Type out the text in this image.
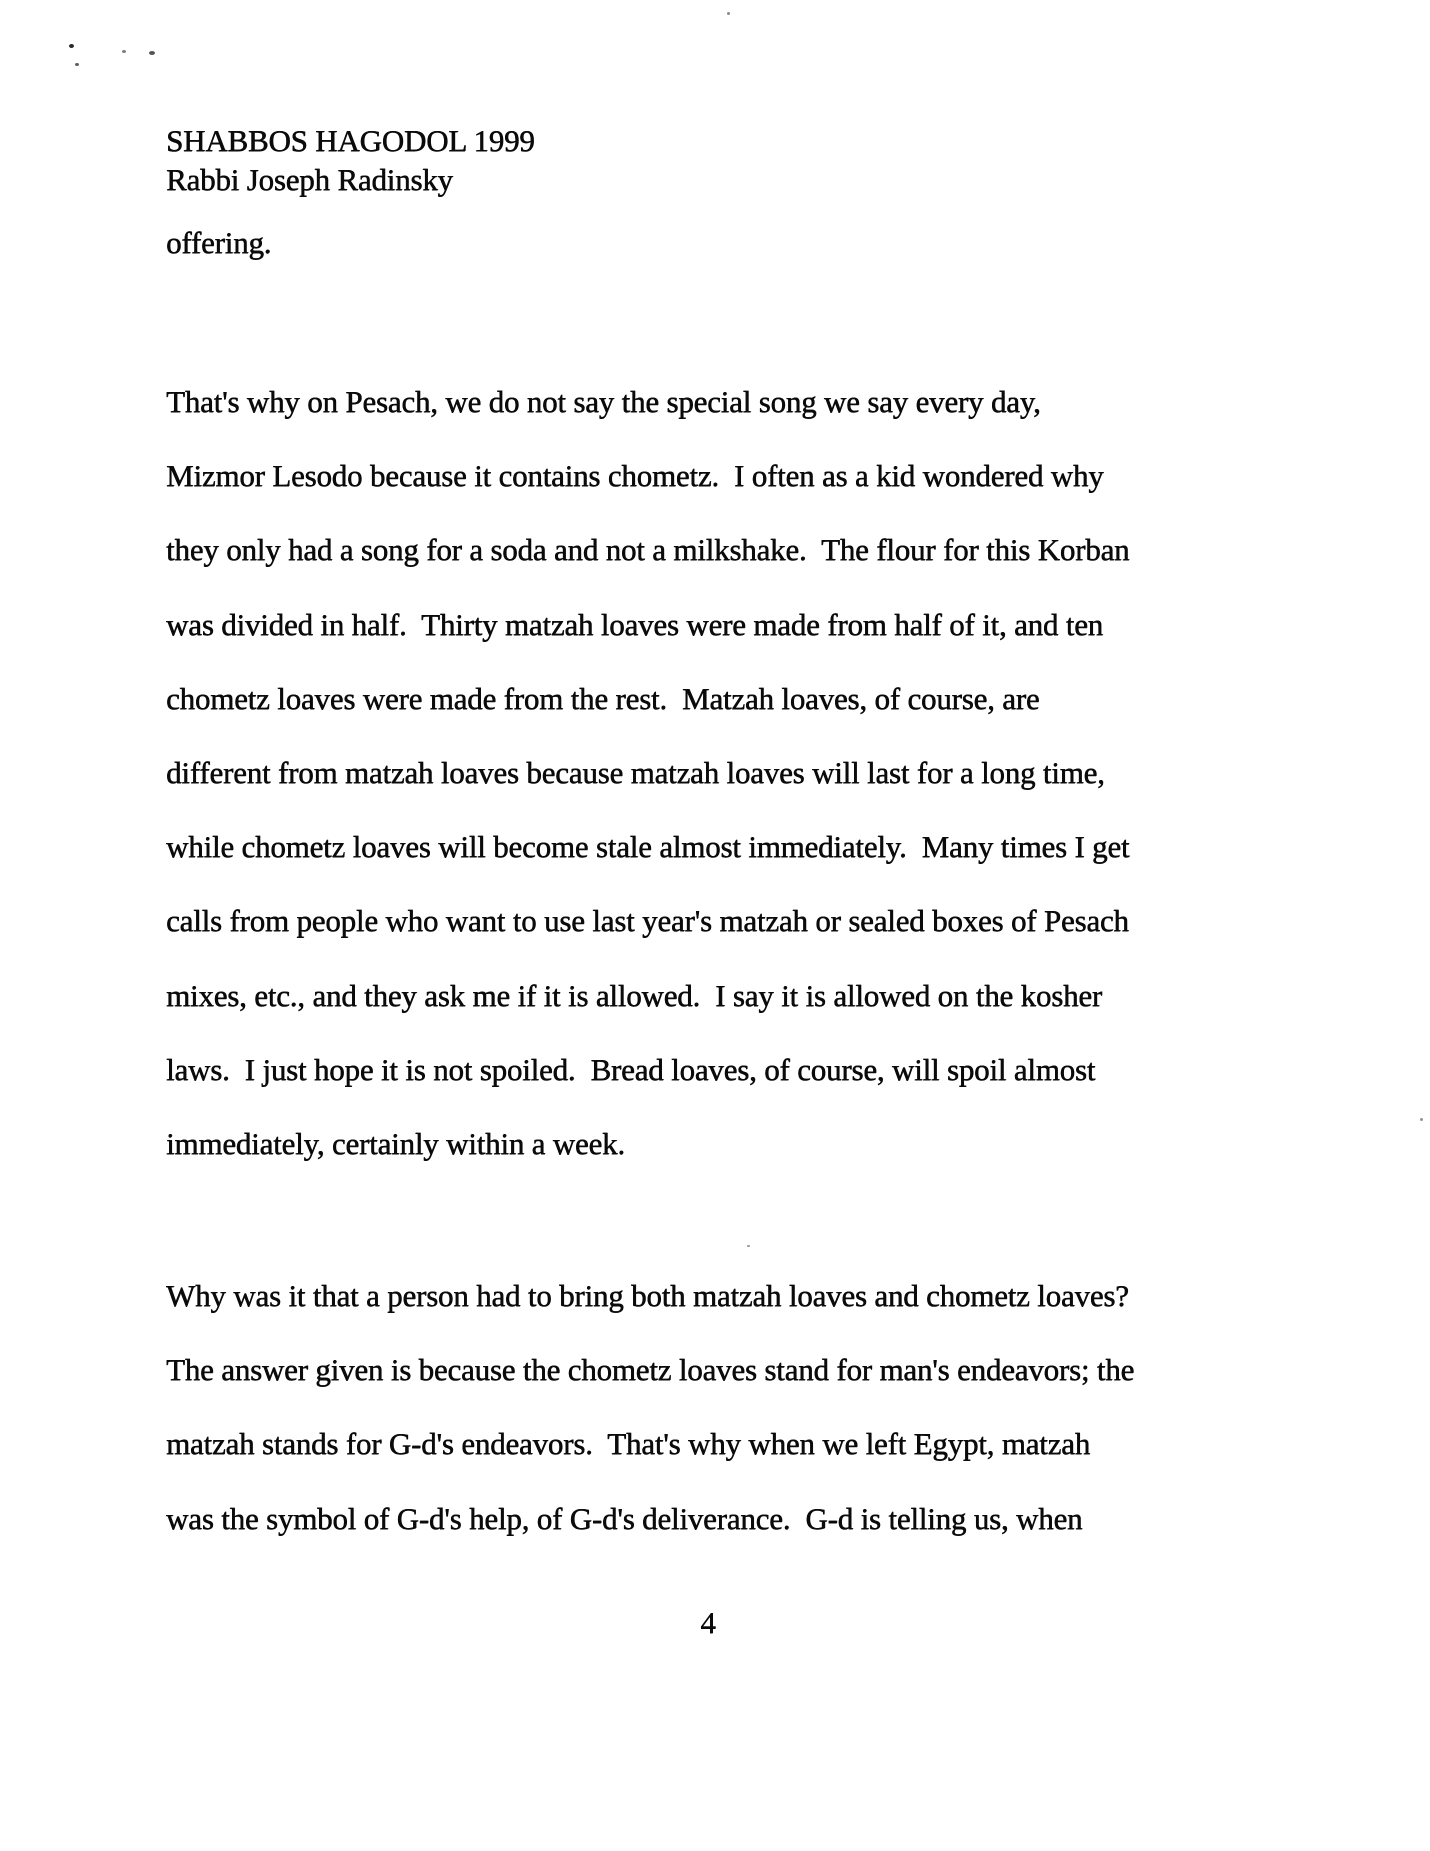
SHABBOS HAGODOL 1999
Rabbi Joseph Radinsky
offering.
That's why on Pesach, we do not say the special song we say every day,
Mizmor Lesodo because it contains chometz.  I often as a kid wondered why
they only had a song for a soda and not a milkshake.  The flour for this Korban
was divided in half.  Thirty matzah loaves were made from half of it, and ten
chometz loaves were made from the rest.  Matzah loaves, of course, are
different from matzah loaves because matzah loaves will last for a long time,
while chometz loaves will become stale almost immediately.  Many times I get
calls from people who want to use last year's matzah or sealed boxes of Pesach
mixes, etc., and they ask me if it is allowed.  I say it is allowed on the kosher
laws.  I just hope it is not spoiled.  Bread loaves, of course, will spoil almost
immediately, certainly within a week.
Why was it that a person had to bring both matzah loaves and chometz loaves?
The answer given is because the chometz loaves stand for man's endeavors; the
matzah stands for G-d's endeavors.  That's why when we left Egypt, matzah
was the symbol of G-d's help, of G-d's deliverance.  G-d is telling us, when
4
